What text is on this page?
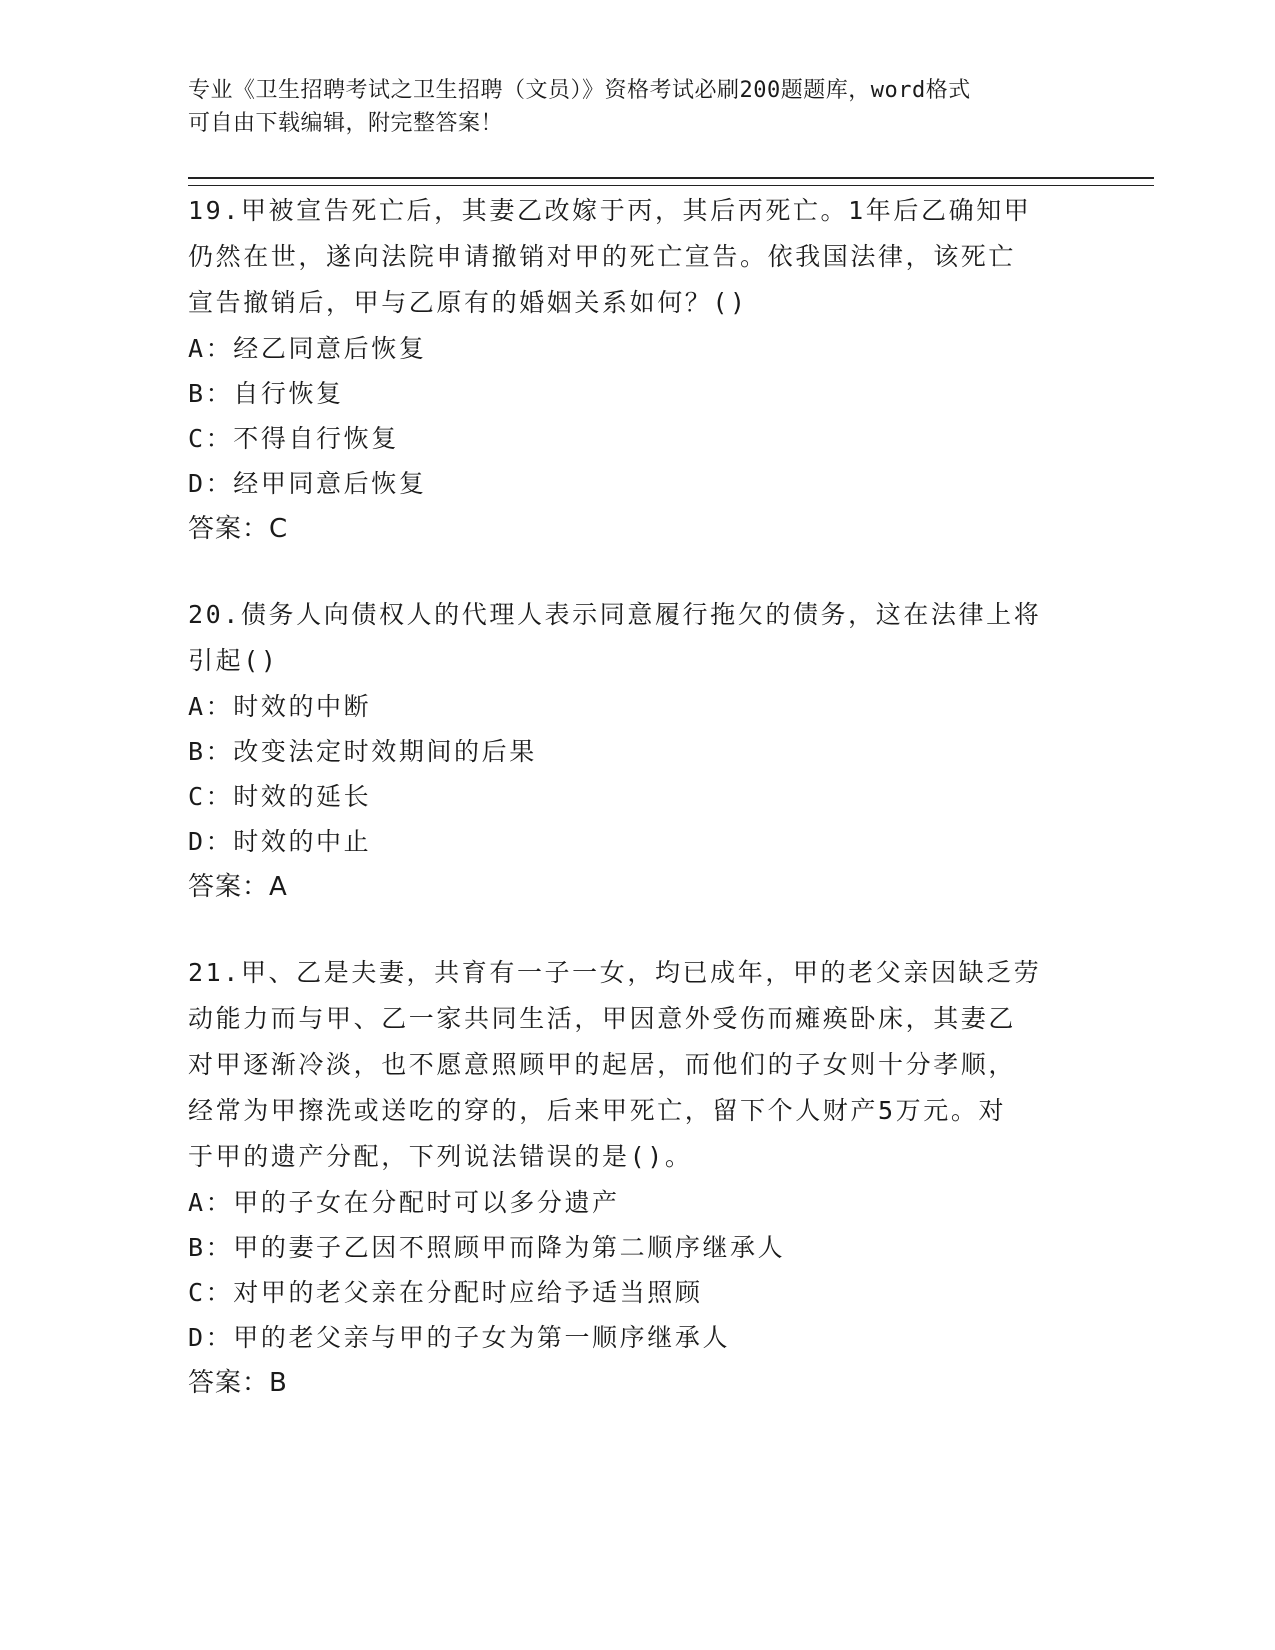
专业《卫生招聘考试之卫生招聘（文员）》资格考试必刷200题题库，word格式
可自由下载编辑，附完整答案！

19.甲被宣告死亡后，其妻乙改嫁于丙，其后丙死亡。1年后乙确知甲

仍然在世，遂向法院申请撤销对甲的死亡宣告。依我国法律，该死亡

宣告撤销后，甲与乙原有的婚姻关系如何？()

A：经乙同意后恢复

B：自行恢复

C：不得自行恢复

D：经甲同意后恢复

答案：C

20.债务人向债权人的代理人表示同意履行拖欠的债务，这在法律上将

引起()

A：时效的中断

B：改变法定时效期间的后果

C：时效的延长

D：时效的中止

答案：A

21.甲、乙是夫妻，共育有一子一女，均已成年，甲的老父亲因缺乏劳

动能力而与甲、乙一家共同生活，甲因意外受伤而瘫痪卧床，其妻乙

对甲逐渐冷淡，也不愿意照顾甲的起居，而他们的子女则十分孝顺，

经常为甲擦洗或送吃的穿的，后来甲死亡，留下个人财产5万元。对

于甲的遗产分配，下列说法错误的是()。

A：甲的子女在分配时可以多分遗产

B：甲的妻子乙因不照顾甲而降为第二顺序继承人

C：对甲的老父亲在分配时应给予适当照顾

D：甲的老父亲与甲的子女为第一顺序继承人

答案：B
